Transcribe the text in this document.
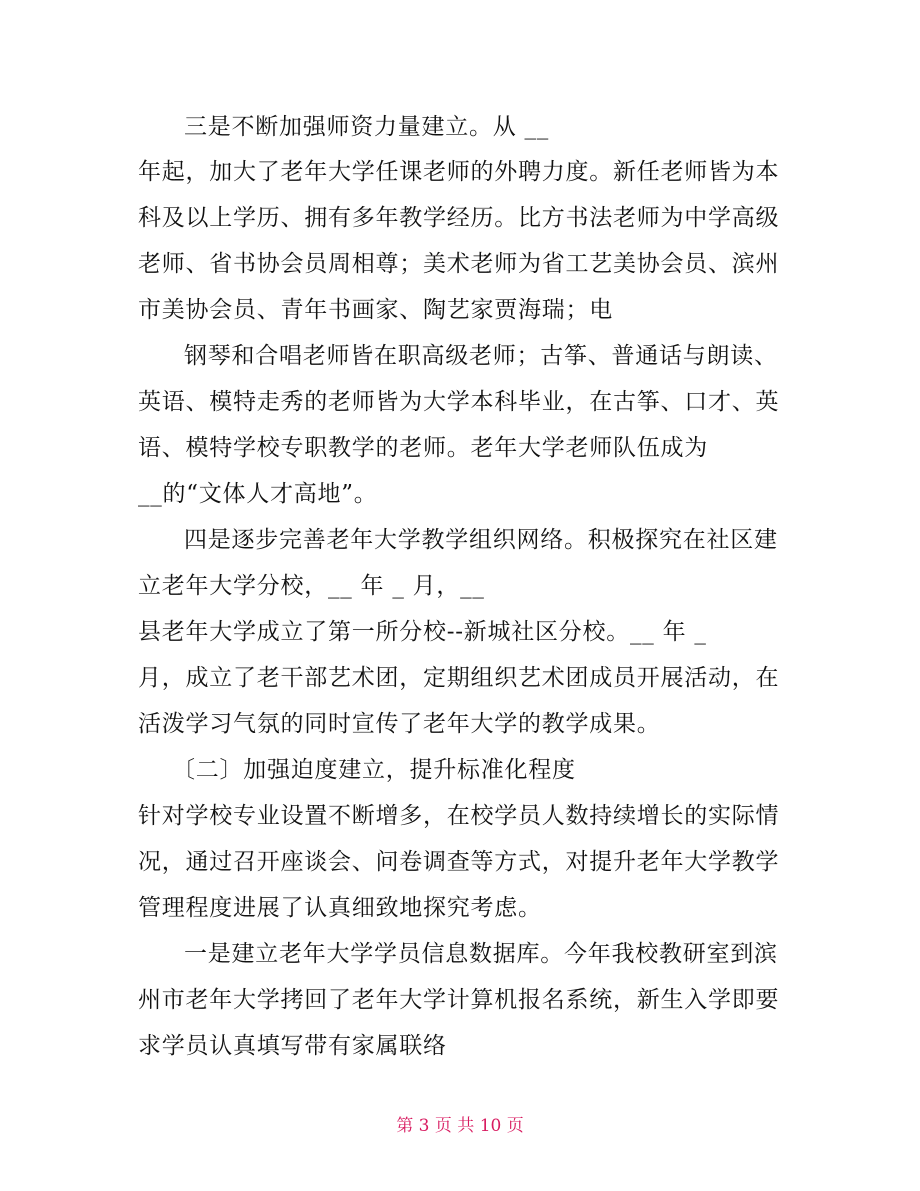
三是不断加强师资力量建立。从 __
年起，加大了老年大学任课老师的外聘力度。新任老师皆为本
科及以上学历、拥有多年教学经历。比方书法老师为中学高级
老师、省书协会员周相尊；美术老师为省工艺美协会员、滨州
市美协会员、青年书画家、陶艺家贾海瑞；电
钢琴和合唱老师皆在职高级老师；古筝、普通话与朗读、
英语、模特走秀的老师皆为大学本科毕业，在古筝、口才、英
语、模特学校专职教学的老师。老年大学老师队伍成为
__的“文体人才高地”。
四是逐步完善老年大学教学组织网络。积极探究在社区建
立老年大学分校，__ 年 _ 月，__
县老年大学成立了第一所分校--新城社区分校。__ 年 _
月，成立了老干部艺术团，定期组织艺术团成员开展活动，在
活泼学习气氛的同时宣传了老年大学的教学成果。
〔二〕加强迫度建立，提升标准化程度
针对学校专业设置不断增多，在校学员人数持续增长的实际情
况，通过召开座谈会、问卷调查等方式，对提升老年大学教学
管理程度进展了认真细致地探究考虑。
一是建立老年大学学员信息数据库。今年我校教研室到滨
州市老年大学拷回了老年大学计算机报名系统，新生入学即要
求学员认真填写带有家属联络
第 3 页 共 10 页
